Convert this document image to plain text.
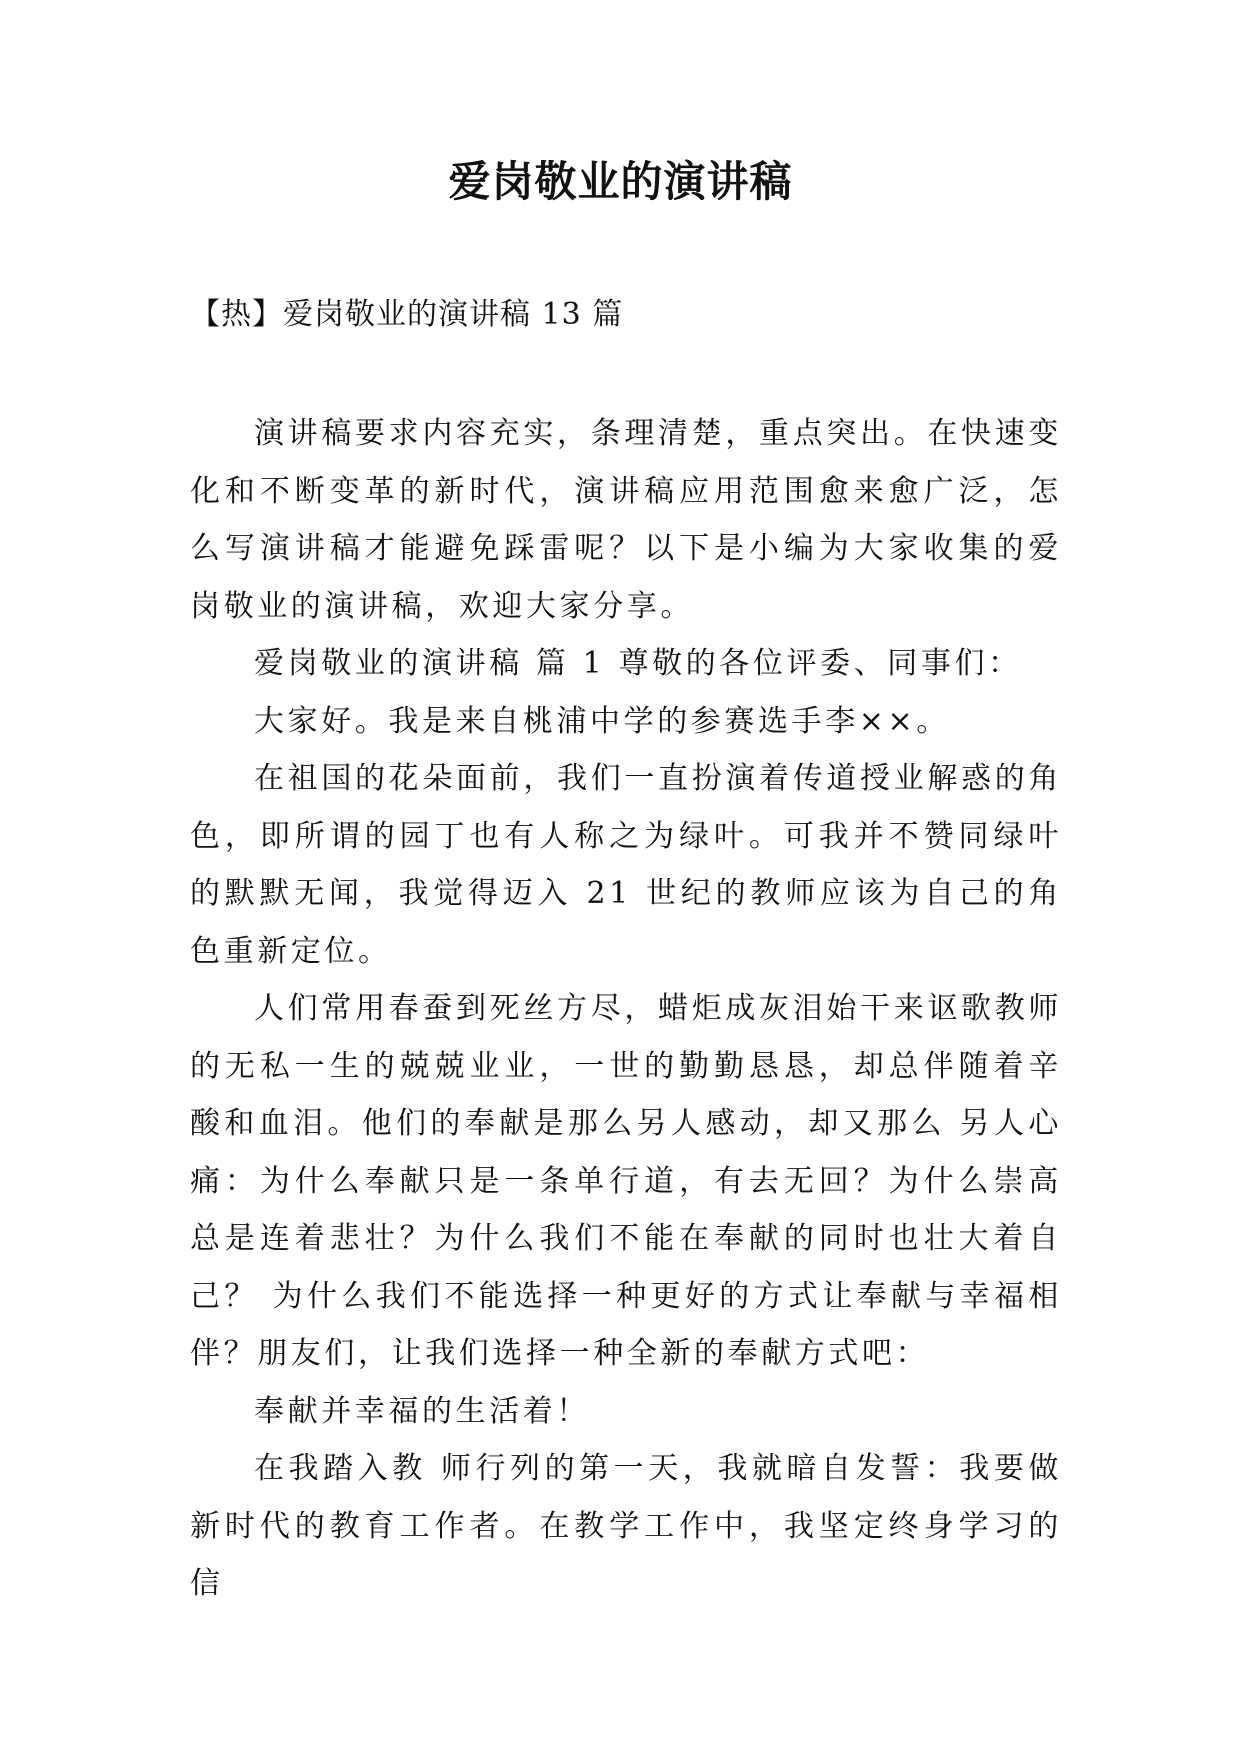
爱岗敬业的演讲稿
【热】爱岗敬业的演讲稿 13 篇

演讲稿要求内容充实，条理清楚，重点突出。在快速变化和不断变革的新时代，演讲稿应用范围愈来愈广泛，怎么写演讲稿才能避免踩雷呢？以下是小编为大家收集的爱岗敬业的演讲稿，欢迎大家分享。

爱岗敬业的演讲稿 篇 1 尊敬的各位评委、同事们：

大家好。我是来自桃浦中学的参赛选手李××。

在祖国的花朵面前，我们一直扮演着传道授业解惑的角色，即所谓的园丁也有人称之为绿叶。可我并不赞同绿叶的默默无闻，我觉得迈入 21 世纪的教师应该为自己的角色重新定位。

人们常用春蚕到死丝方尽，蜡炬成灰泪始干来讴歌教师的无私一生的兢兢业业，一世的勤勤恳恳，却总伴随着辛酸和血泪。他们的奉献是那么另人感动，却又那么 另人心痛：为什么奉献只是一条单行道，有去无回？为什么崇高总是连着悲壮？为什么我们不能在奉献的同时也壮大着自己？ 为什么我们不能选择一种更好的方式让奉献与幸福相伴？朋友们，让我们选择一种全新的奉献方式吧：

奉献并幸福的生活着！

在我踏入教 师行列的第一天，我就暗自发誓：我要做新时代的教育工作者。在教学工作中，我坚定终身学习的信
